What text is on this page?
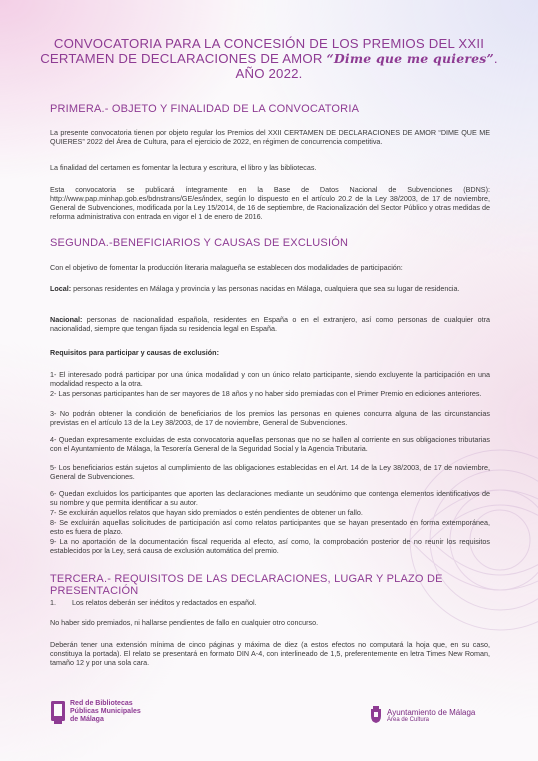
CONVOCATORIA PARA LA CONCESIÓN DE LOS PREMIOS DEL XXII
CERTAMEN DE DECLARACIONES DE AMOR “Dime que me quieres”. AÑO 2022.
PRIMERA.- OBJETO Y FINALIDAD DE LA CONVOCATORIA
La presente convocatoria tienen por objeto regular los Premios del XXII CERTAMEN DE DECLARACIONES DE AMOR “DIME QUE ME QUIERES” 2022 del Área de Cultura, para el ejercicio de 2022, en régimen de concurrencia competitiva.
La finalidad del certamen es fomentar la lectura y escritura, el libro y las bibliotecas.
Esta convocatoria se publicará íntegramente en la Base de Datos Nacional de Subvenciones (BDNS): http://www.pap.minhap.gob.es/bdnstrans/GE/es/index, según lo dispuesto en el artículo 20.2 de la Ley 38/2003, de 17 de noviembre, General de Subvenciones, modificada por la Ley 15/2014, de 16 de septiembre, de Racionalización del Sector Público y otras medidas de reforma administrativa con entrada en vigor el 1 de enero de 2016.
SEGUNDA.-BENEFICIARIOS Y CAUSAS DE EXCLUSIÓN
Con el objetivo de fomentar la producción literaria malagueña se establecen dos modalidades de participación:
Local: personas residentes en Málaga y provincia y las personas nacidas en Málaga, cualquiera que sea su lugar de residencia.
Nacional: personas de nacionalidad española, residentes en España o en el extranjero, así como personas de cualquier otra nacionalidad, siempre que tengan fijada su residencia legal en España.
Requisitos para participar y causas de exclusión:
1- El interesado podrá participar por una única modalidad y con un único relato participante, siendo excluyente la participación en una modalidad respecto a la otra.
2- Las personas participantes han de ser mayores de 18 años y no haber sido premiadas con el Primer Premio en ediciones anteriores.
3- No podrán obtener la condición de beneficiarios de los premios las personas en quienes concurra alguna de las circunstancias previstas en el artículo 13 de la Ley 38/2003, de 17 de noviembre, General de Subvenciones.
4- Quedan expresamente excluidas de esta convocatoria aquellas personas que no se hallen al corriente en sus obligaciones tributarias con el Ayuntamiento de Málaga, la Tesorería General de la Seguridad Social y la Agencia Tributaria.
5- Los beneficiarios están sujetos al cumplimiento de las obligaciones establecidas en el Art. 14 de la Ley 38/2003, de 17 de noviembre, General de Subvenciones.
6- Quedan excluidos los participantes que aporten las declaraciones mediante un seudónimo que contenga elementos identificativos de su nombre y que permita identificar a su autor.
7- Se excluirán aquellos relatos que hayan sido premiados o estén pendientes de obtener un fallo.
8- Se excluirán aquellas solicitudes de participación así como relatos participantes que se hayan presentado en forma extemporánea, esto es fuera de plazo.
9- La no aportación de la documentación fiscal requerida al efecto, así como, la comprobación posterior de no reunir los requisitos establecidos por la Ley, será causa de exclusión automática del premio.
TERCERA.- REQUISITOS DE LAS DECLARACIONES, LUGAR Y PLAZO DE PRESENTACIÓN
1. Los relatos deberán ser inéditos y redactados en español.
No haber sido premiados, ni hallarse pendientes de fallo en cualquier otro concurso.
Deberán tener una extensión mínima de cinco páginas y máxima de diez (a estos efectos no computará la hoja que, en su caso, constituya la portada). El relato se presentará en formato DIN A-4, con interlineado de 1,5, preferentemente en letra Times New Roman, tamaño 12 y por una sola cara.
Red de Bibliotecas
Públicas Municipales
de Málaga
Ayuntamiento de Málaga
Área de Cultura
